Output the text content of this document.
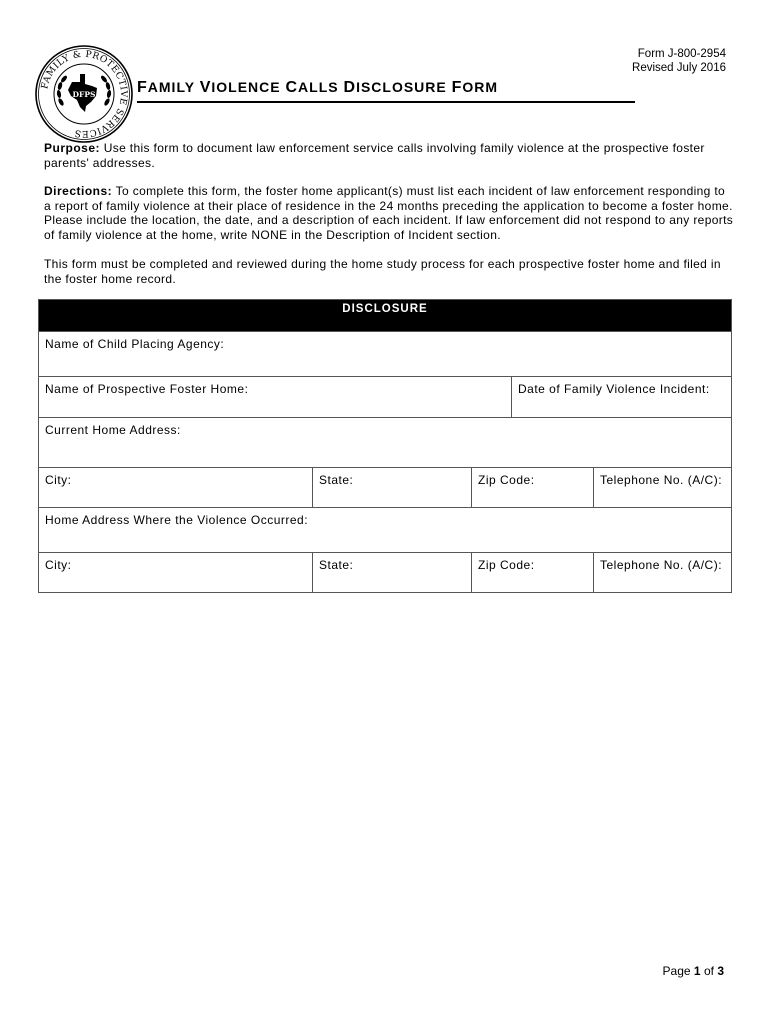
FAMILY & PROTECTIVE SERVICES
DFPS
Form J-800-2954
Revised July 2016
FAMILY VIOLENCE CALLS DISCLOSURE FORM
Purpose: Use this form to document law enforcement service calls involving family violence at the prospective foster parents' addresses.
Directions: To complete this form, the foster home applicant(s) must list each incident of law enforcement responding to a report of family violence at their place of residence in the 24 months preceding the application to become a foster home. Please include the location, the date, and a description of each incident. If law enforcement did not respond to any reports of family violence at the home, write NONE in the Description of Incident section.
This form must be completed and reviewed during the home study process for each prospective foster home and filed in the foster home record.
DISCLOSURE
Name of Child Placing Agency:
Name of Prospective Foster Home:	Date of Family Violence Incident:
Current Home Address:
City:	State:	Zip Code:	Telephone No. (A/C):
Home Address Where the Violence Occurred:
City:	State:	Zip Code:	Telephone No. (A/C):
Page 1 of 3
